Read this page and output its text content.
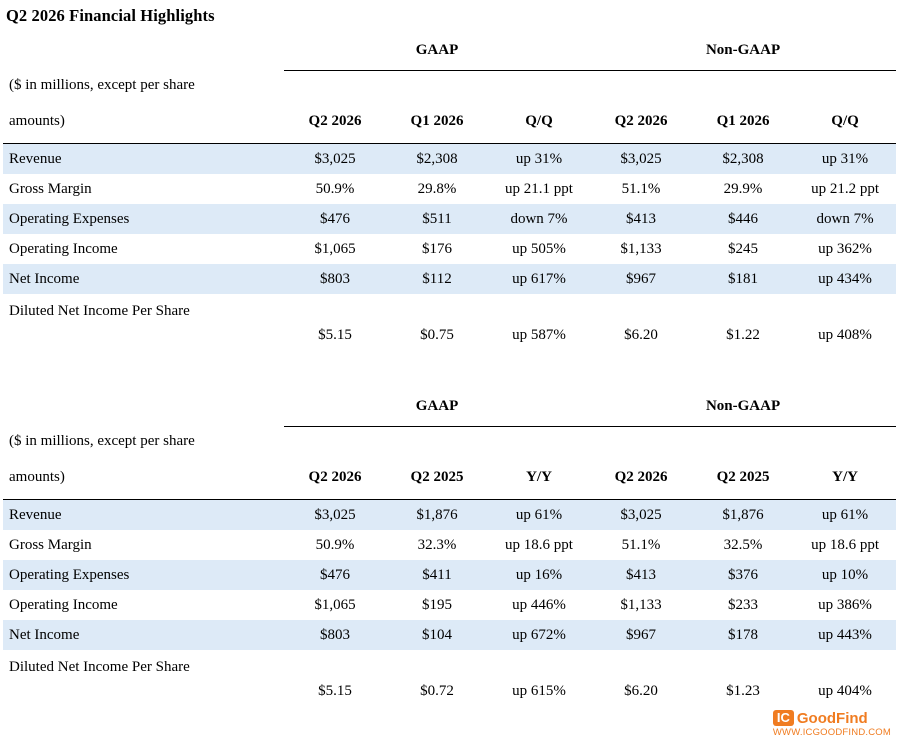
Q2 2026 Financial Highlights
	GAAP			Non-GAAP		

($ in millions, except per share						

amounts)	Q2 2026	Q1 2026	Q/Q	Q2 2026	Q1 2026	Q/Q

Revenue	$3,025	$2,308	up 31%	$3,025	$2,308	up 31%
Gross Margin	50.9%	29.8%	up 21.1 ppt	51.1%	29.9%	up 21.2 ppt
Operating Expenses	$476	$511	down 7%	$413	$446	down 7%
Operating Income	$1,065	$176	up 505%	$1,133	$245	up 362%
Net Income	$803	$112	up 617%	$967	$181	up 434%
Diluted Net Income Per Share						
	$5.15	$0.75	up 587%	$6.20	$1.22	up 408%
	GAAP			Non-GAAP		

($ in millions, except per share						

amounts)	Q2 2026	Q2 2025	Y/Y	Q2 2026	Q2 2025	Y/Y

Revenue	$3,025	$1,876	up 61%	$3,025	$1,876	up 61%
Gross Margin	50.9%	32.3%	up 18.6 ppt	51.1%	32.5%	up 18.6 ppt
Operating Expenses	$476	$411	up 16%	$413	$376	up 10%
Operating Income	$1,065	$195	up 446%	$1,133	$233	up 386%
Net Income	$803	$104	up 672%	$967	$178	up 443%
Diluted Net Income Per Share						
	$5.15	$0.72	up 615%	$6.20	$1.23	up 404%
IC GoodFind
WWW.ICGOODFIND.COM
